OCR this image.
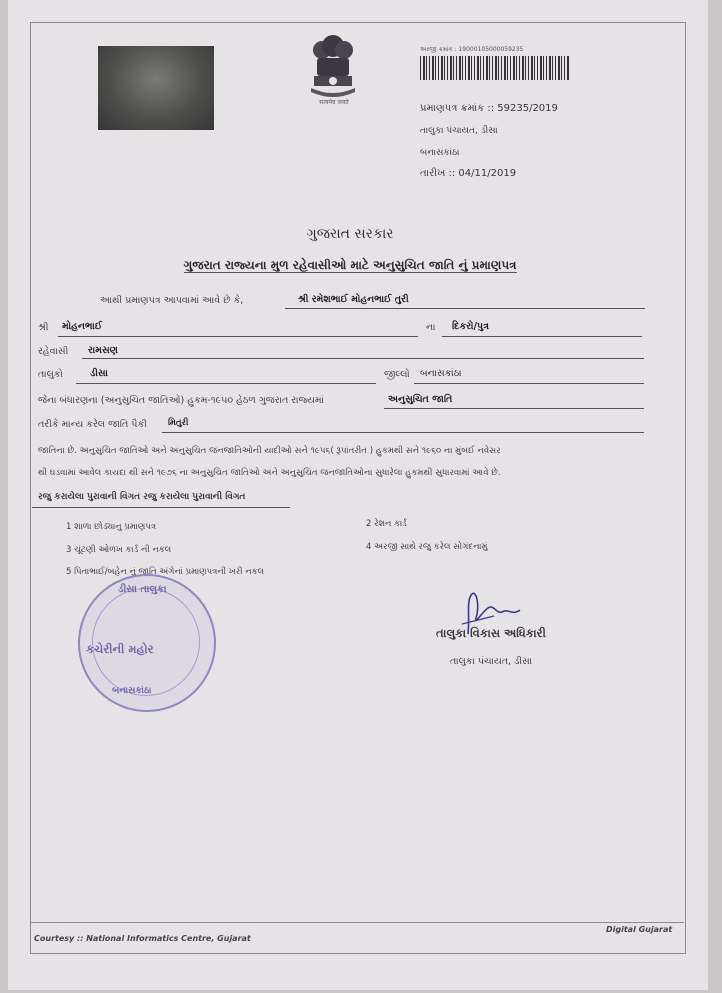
सत्यमेव जयते
અરજી ક્રમાંક : 19000105000059235
પ્રમાણપત્ર ક્રમાંક :: 59235/2019
તાલુકા પંચાયત, ડીસા
બનાસકાંઠા
તારીખ :: 04/11/2019
ગુજરાત સરકાર
ગુજરાત રાજ્યના મુળ રહેવાસીઓ માટે અનુસુચિત જાતિ નું પ્રમાણપત્ર
આથી પ્રમાણપત્ર આપવામાં આવે છે કે,	શ્રી રમેશભાઈ મોહનભાઈ તુરી
શ્રી મોહનભાઈ	ના દિકરો/પુત્ર
રહેવાસી રામસણ
તાલુકો	ડીસા	જીલ્લો બનાસકાંઠા
જેના બંધારણના (અનુસુચિત જાતિઓ) હુકમ-૧૯૫૦ હેઠળ ગુજરાત રાજ્યમાં	અનુસુચિત જાતિ
તરીકે માન્ય કરેલ જાતિ પૈકી મિતુરી
જાતિના છે. અનુસુચિત જાતિઓ અને અનુસુચિત જનજાતિઓની યાદીઓ સને ૧૯૫૬( રૂપાંતરીત ) હુકમથી સને ૧૯૬૦ ના મુંબઈ નવેસર
થી ઘડવામાં આવેલ કાયદા થી સને ૧૯૭૬ ના અનુસુચિત જાતિઓ અને અનુસુચિત જનજાતિઓના સુધારેલા હુકમથી સુધારવામાં આવે છે.
રજુ કરાયેલા પુરાવાની વિગત રજુ કરાયેલા પુરાવાની વિગત
1 શાળા છોડ્યાનુ પ્રમાણપત્ર	2 રેશન કાર્ડ
3 ચૂંટણી ઓળખ કાર્ડ ની નકલ	4 અરજી સાથે રજુ કરેલ સોગંદનામું
5 પિતાભાઈ/બહેન નું જાતિ અંગેનાં પ્રમાણપત્રની ખરી નકલ
ડીસા તાલુકા
કચેરીની મહોર
બનાસકાંઠા
તાલુકા વિકાસ અધિકારી
તાલુકા પંચાયત, ડીસા
Courtesy :: National Informatics Centre, Gujarat
Digital Gujarat
